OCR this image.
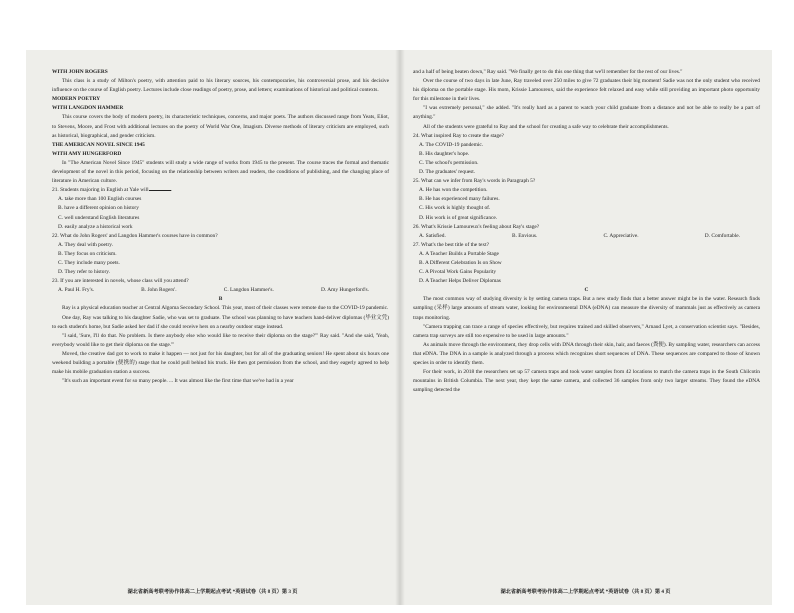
WITH JOHN ROGERS

This class is a study of Milton's poetry, with attention paid to his literary sources, his contemporaries, his controversial prose, and his decisive influence on the course of English poetry. Lectures include close readings of poetry, prose, and letters; examinations of historical and political contexts.

MODERN POETRY

WITH LANGDON HAMMER

This course covers the body of modern poetry, its characteristic techniques, concerns, and major poets. The authors discussed range from Yeats, Eliot, to Stevens, Moore, and Frost with additional lectures on the poetry of World War One, Imagism. Diverse methods of literary criticism are employed, such as historical, biographical, and gender criticism.

THE AMERICAN NOVEL SINCE 1945

WITH AMY HUNGERFORD

In "The American Novel Since 1945" students will study a wide range of works from 1945 to the present. The course traces the formal and thematic development of the novel in this period, focusing on the relationship between writers and readers, the conditions of publishing, and the changing place of literature in American culture.

21. Students majoring in English at Yale will	.

A. take more than 100 English courses

B. have a different opinion on history

C. well understand English literatures

D. easily analyze a historical work

22. What do John Rogers' and Langdon Hammer's courses have in common?

A. They deal with poetry.

B. They focus on criticism.

C. They include many poets.

D. They refer to history.

23. If you are interested in novels, whose class will you attend?

A. Paul H. Fry's.	B. John Rogers'.	C. Langdon Hammer's.	D. Amy Hungerford's.

B

Ray is a physical education teacher at Central Algoma Secondary School. This year, most of their classes were remote due to the COVID-19 pandemic.

One day, Ray was talking to his daughter Sadie, who was set to graduate. The school was planning to have teachers hand-deliver diplomas (毕业文凭) to each student's home, but Sadie asked her dad if she could receive hers on a nearby outdoor stage instead.

"I said, 'Sure, I'll do that. No problem. Is there anybody else who would like to receive their diploma on the stage?'" Ray said. "And she said, 'Yeah, everybody would like to get their diploma on the stage.'"

Moved, the creative dad got to work to make it happen — not just for his daughter, but for all of the graduating seniors! He spent about six hours one weekend building a portable (便携的) stage that he could pull behind his truck. He then got permission from the school, and they eagerly agreed to help make his mobile graduation station a success.

"It's such an important event for so many people. ... It was almost like the first time that we've had in a year

湖北省新高考联考协作体高二上学期起点考试 *英语试卷（共 8 页）第 3 页

and a half of being beaten down," Ray said. "We finally get to do this one thing that we'll remember for the rest of our lives."

Over the course of two days in late June, Ray traveled over 250 miles to give 72 graduates their big moment! Sadie was not the only student who received his diploma on the portable stage. His mom, Krissie Lamoureux, said the experience felt relaxed and easy while still providing an important photo opportunity for this milestone in their lives.

"I was extremely personal," she added. "It's really hard as a parent to watch your child graduate from a distance and not be able to really be a part of anything."

All of the students were grateful to Ray and the school for creating a safe way to celebrate their accomplishments.

24. What inspired Ray to create the stage?

A. The COVID-19 pandemic.

B. His daughter's hope.

C. The school's permission.

D. The graduates' request.

25. What can we infer from Ray's words in Paragraph 5?

A. He has won the competition.

B. He has experienced many failures.

C. His work is highly thought of.

D. His work is of great significance.

26. What's Krissie Lamoureux's feeling about Ray's stage?

A. Satisfied.	B. Envious.	C. Appreciative.	D. Comfortable.

27. What's the best title of the text?

A. A Teacher Builds a Portable Stage

B. A Different Celebration Is on Show

C. A Pivotal Work Gains Popularity

D. A Teacher Helps Deliver Diplomas

C

The most common way of studying diversity is by setting camera traps. But a new study finds that a better answer might be in the water. Research finds sampling (采样) large amounts of stream water, looking for environmental DNA (eDNA) can measure the diversity of mammals just as effectively as camera traps monitoring.

"Camera trapping can trace a range of species effectively, but requires trained and skilled observers," Arnaud Lyet, a conservation scientist says. "Besides, camera trap surveys are still too expensive to be used in large amounts."

As animals move through the environment, they drop cells with DNA through their skin, hair, and faeces (粪便). By sampling water, researchers can access that eDNA. The DNA in a sample is analyzed through a process which recognizes short sequences of DNA. These sequences are compared to those of known species in order to identify them.

For their work, in 2018 the researchers set up 57 camera traps and took water samples from 42 locations to match the camera traps in the South Chilcotin mountains in British Columbia. The next year, they kept the same camera, and collected 36 samples from only two larger streams. They found the eDNA sampling detected the

湖北省新高考联考协作体高二上学期起点考试 *英语试卷（共 8 页）第 4 页
